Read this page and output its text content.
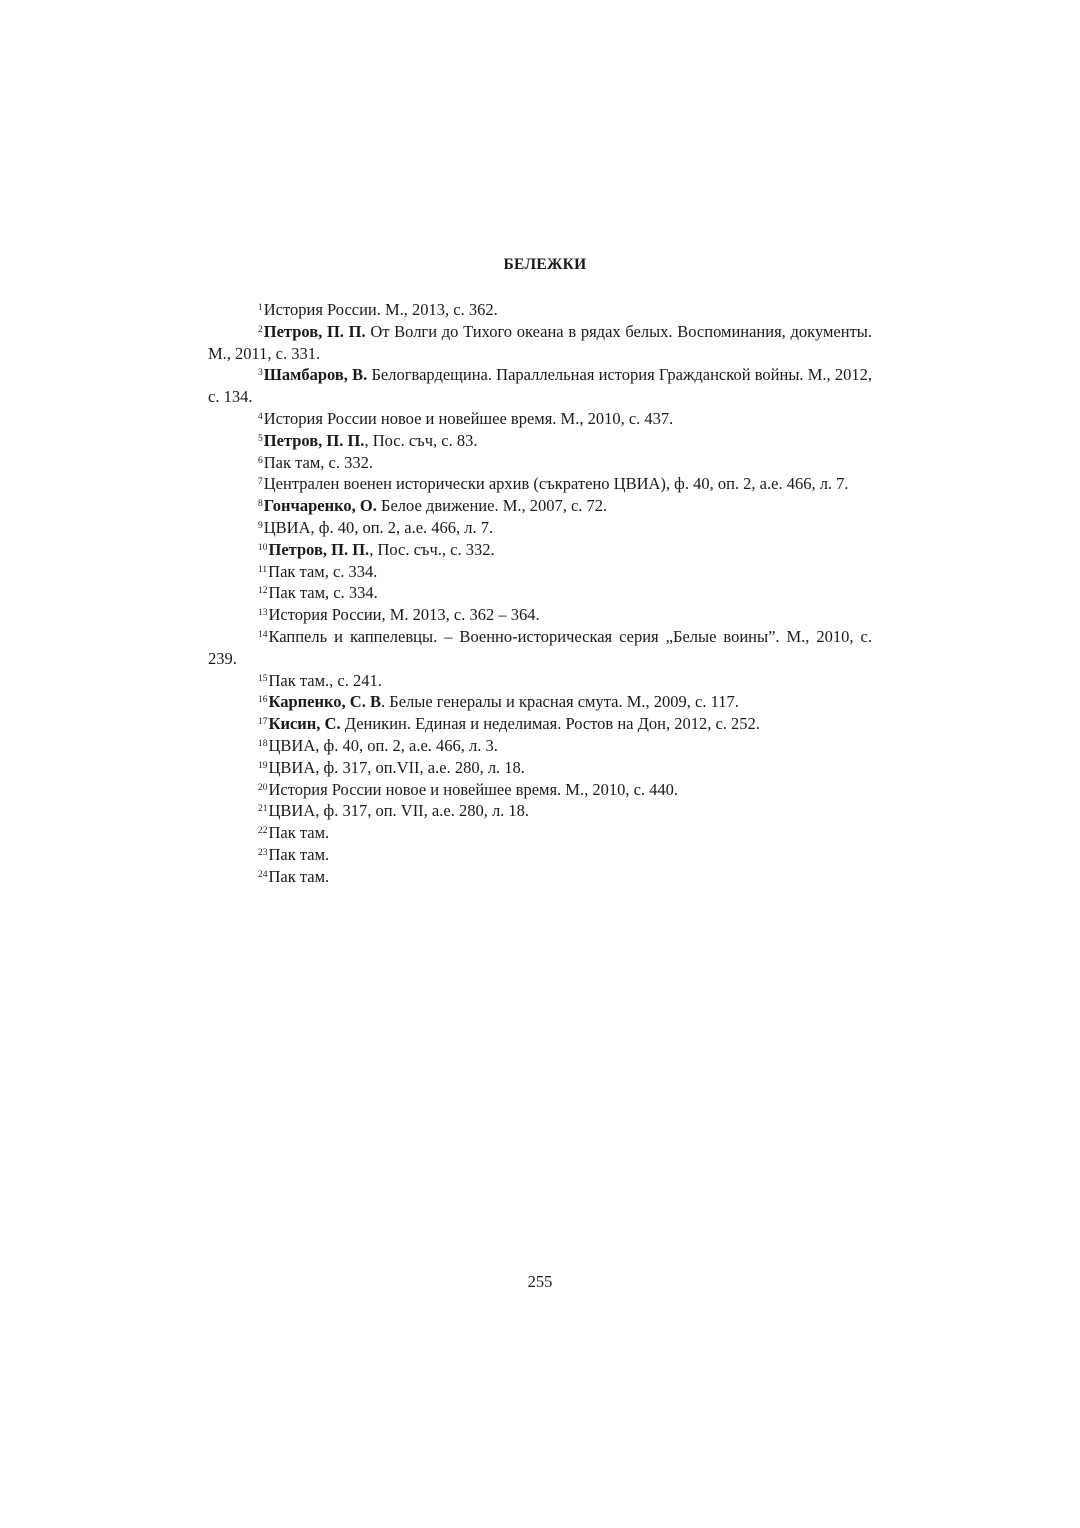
БЕЛЕЖКИ

$^1$История России. М., 2013, с. 362.

$^2$Петров, П. П. От Волги до Тихого океана в рядах белых. Воспоминания, документы. М., 2011, с. 331.

$^3$Шамбаров, В. Белогвардещина. Параллельная история Гражданской войны. М., 2012, с. 134.

$^4$История России новое и новейшее время. М., 2010, с. 437.

$^5$Петров, П. П., Пос. съч, с. 83.

$^6$Пак там, с. 332.

$^7$Централен военен исторически архив (съкратено ЦВИА), ф. 40, оп. 2, а.е. 466, л. 7.

$^8$Гончаренко, О. Белое движение. М., 2007, с. 72.

$^9$ЦВИА, ф. 40, оп. 2, а.е. 466, л. 7.

$^{10}$Петров, П. П., Пос. съч., с. 332.

$^{11}$Пак там, с. 334.

$^{12}$Пак там, с. 334.

$^{13}$История России, М. 2013, с. 362 – 364.

$^{14}$Каппель и каппелевцы. – Военно-историческая серия „Белые воины”. М., 2010, с. 239.

$^{15}$Пак там., с. 241.

$^{16}$Карпенко, С. В. Белые генералы и красная смута. М., 2009, с. 117.

$^{17}$Кисин, С. Деникин. Единая и неделимая. Ростов на Дон, 2012, с. 252.

$^{18}$ЦВИА, ф. 40, оп. 2, а.е. 466, л. 3.

$^{19}$ЦВИА, ф. 317, оп.VII, а.е. 280, л. 18.

$^{20}$История России новое и новейшее время. М., 2010, с. 440.

$^{21}$ЦВИА, ф. 317, оп. VII, а.е. 280, л. 18.

$^{22}$Пак там.

$^{23}$Пак там.

$^{24}$Пак там.

255
